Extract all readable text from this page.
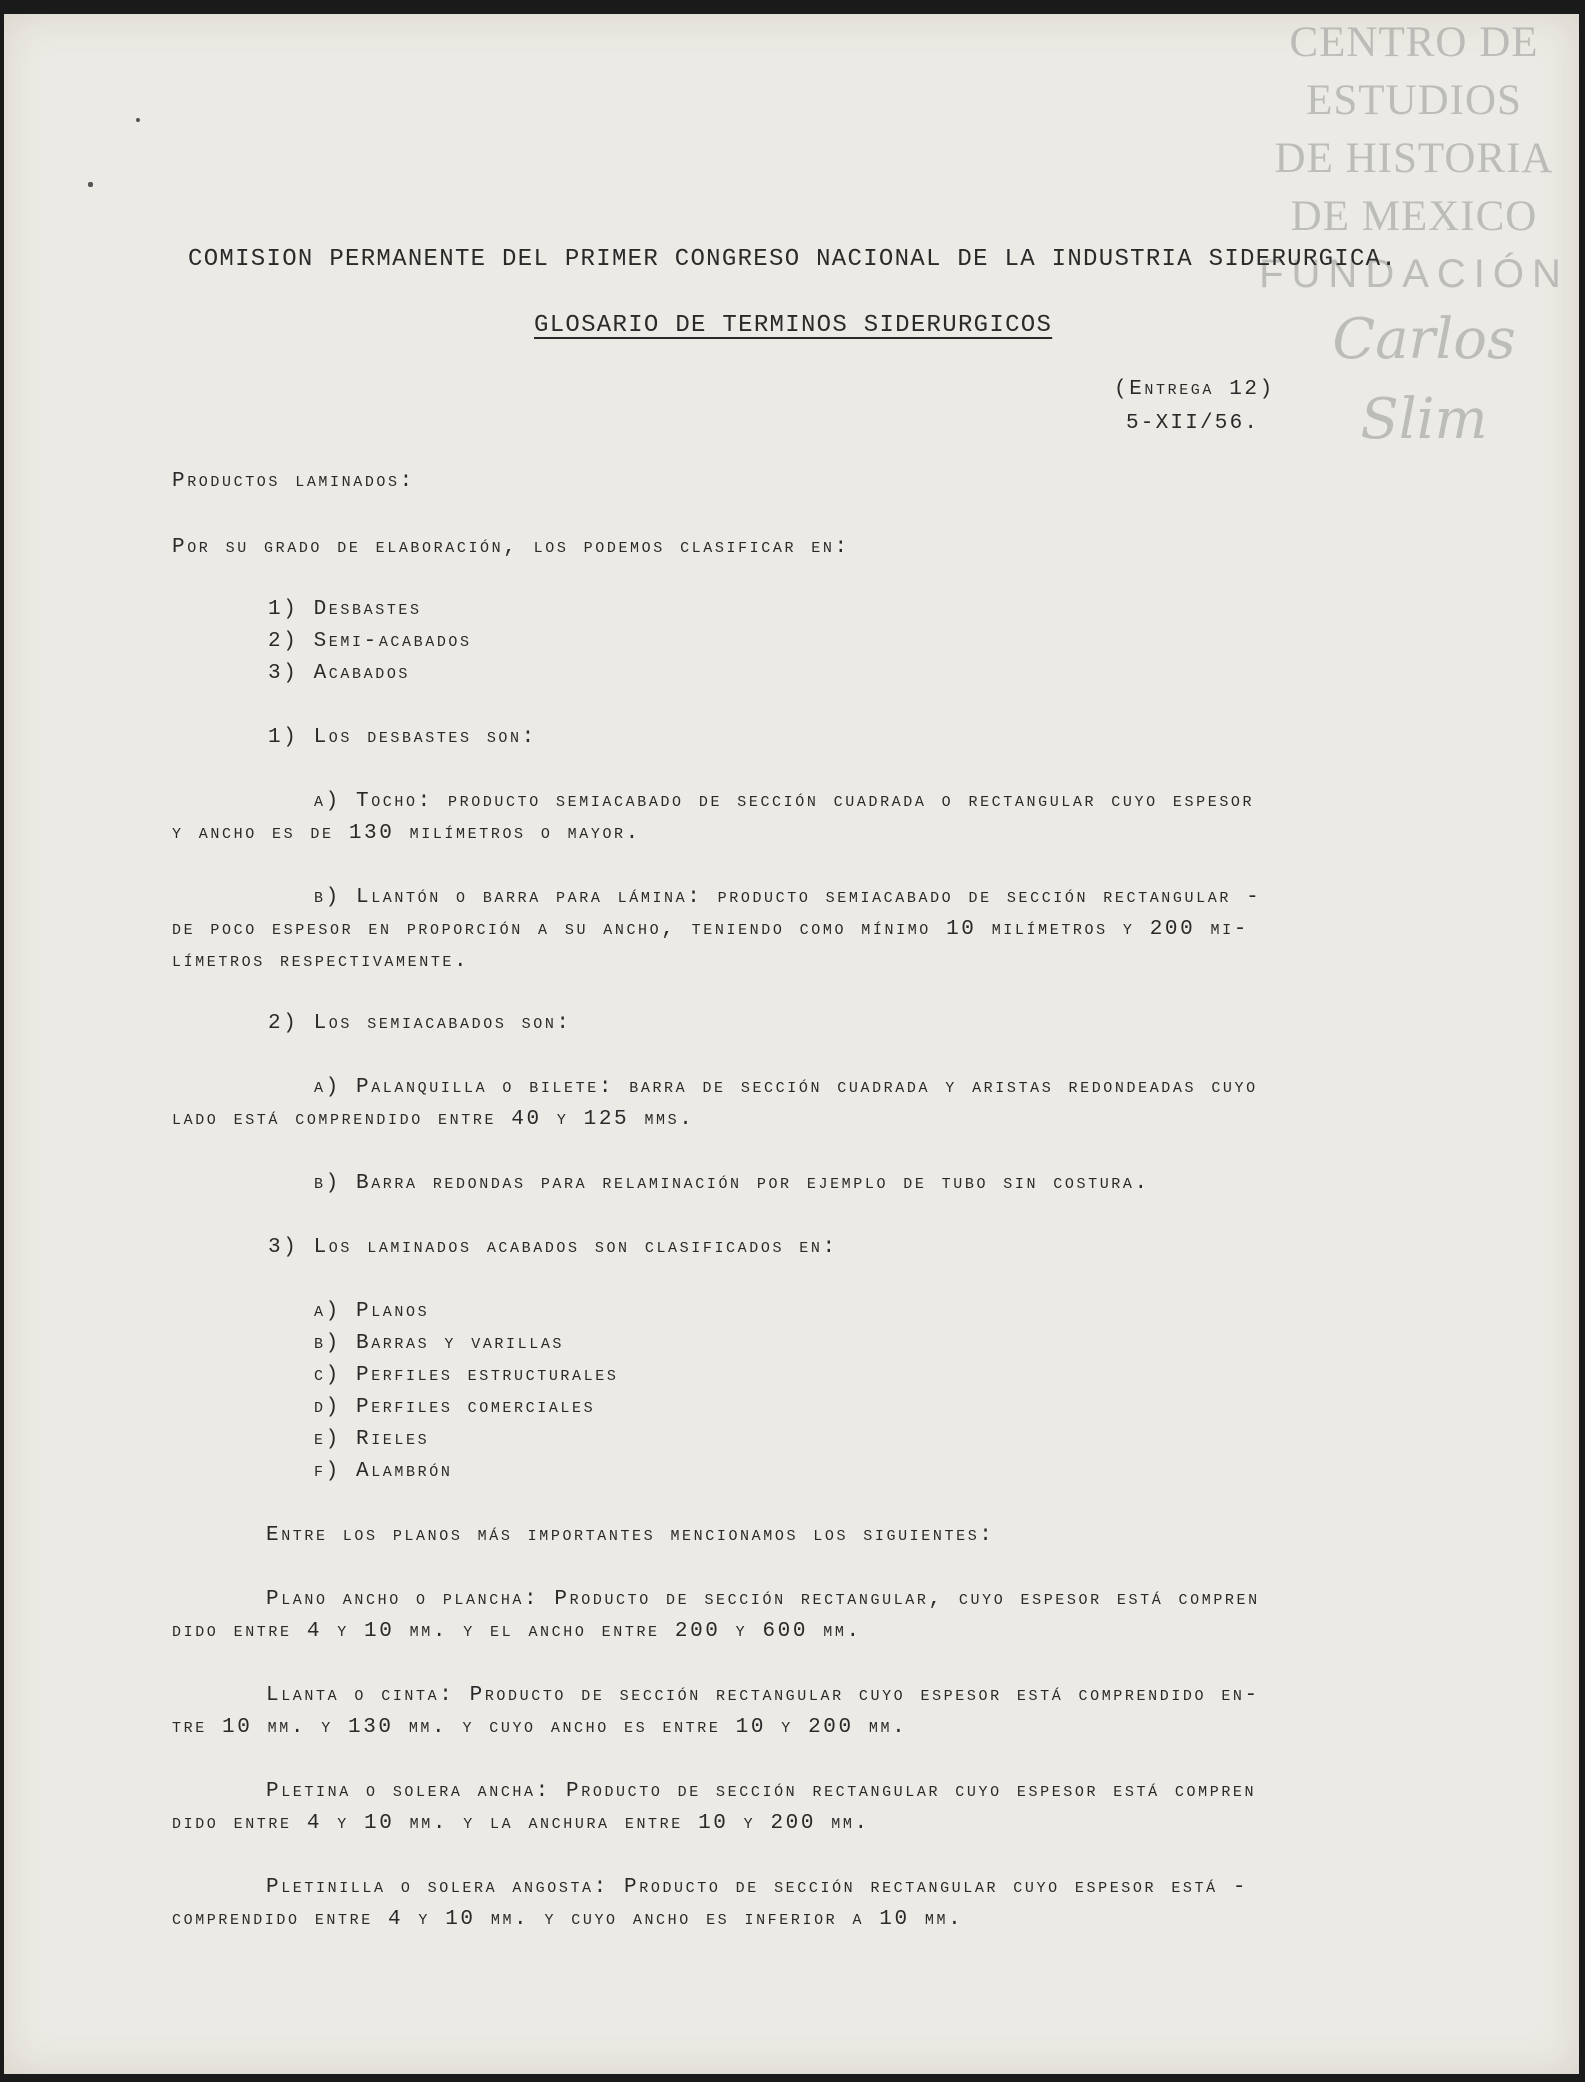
CENTRO DE
ESTUDIOS
DE HISTORIA
DE MEXICO
FUNDACIÓN
Carlos Slim

COMISION PERMANENTE DEL PRIMER CONGRESO NACIONAL DE LA INDUSTRIA SIDERURGICA.

GLOSARIO DE TERMINOS SIDERURGICOS

(Entrega 12)

5-XII/56.

Productos laminados:

Por su grado de elaboración, los podemos clasificar en:

1) Desbastes

2) Semi-acabados

3) Acabados

1) Los desbastes son:

a) Tocho: producto semiacabado de sección cuadrada o rectangular cuyo espesor

y ancho es de 130 milímetros o mayor.

b) Llantón o barra para lámina: producto semiacabado de sección rectangular -

de poco espesor en proporción a su ancho, teniendo como mínimo 10 milímetros y 200 mi-

límetros respectivamente.

2) Los semiacabados son:

a) Palanquilla o bilete: barra de sección cuadrada y aristas redondeadas cuyo

lado está comprendido entre 40 y 125 mms.

b) Barra redondas para relaminación por ejemplo de tubo sin costura.

3) Los laminados acabados son clasificados en:

a) Planos

b) Barras y varillas

c) Perfiles estructurales

d) Perfiles comerciales

e) Rieles

f) Alambrón

Entre los planos más importantes mencionamos los siguientes:

Plano ancho o plancha: Producto de sección rectangular, cuyo espesor está compren

dido entre 4 y 10 mm. y el ancho entre 200 y 600 mm.

Llanta o cinta: Producto de sección rectangular cuyo espesor está comprendido en-

tre 10 mm. y 130 mm. y cuyo ancho es entre 10 y 200 mm.

Pletina o solera ancha: Producto de sección rectangular cuyo espesor está compren

dido entre 4 y 10 mm. y la anchura entre 10 y 200 mm.

Pletinilla o solera angosta: Producto de sección rectangular cuyo espesor está -

comprendido entre 4 y 10 mm. y cuyo ancho es inferior a 10 mm.
